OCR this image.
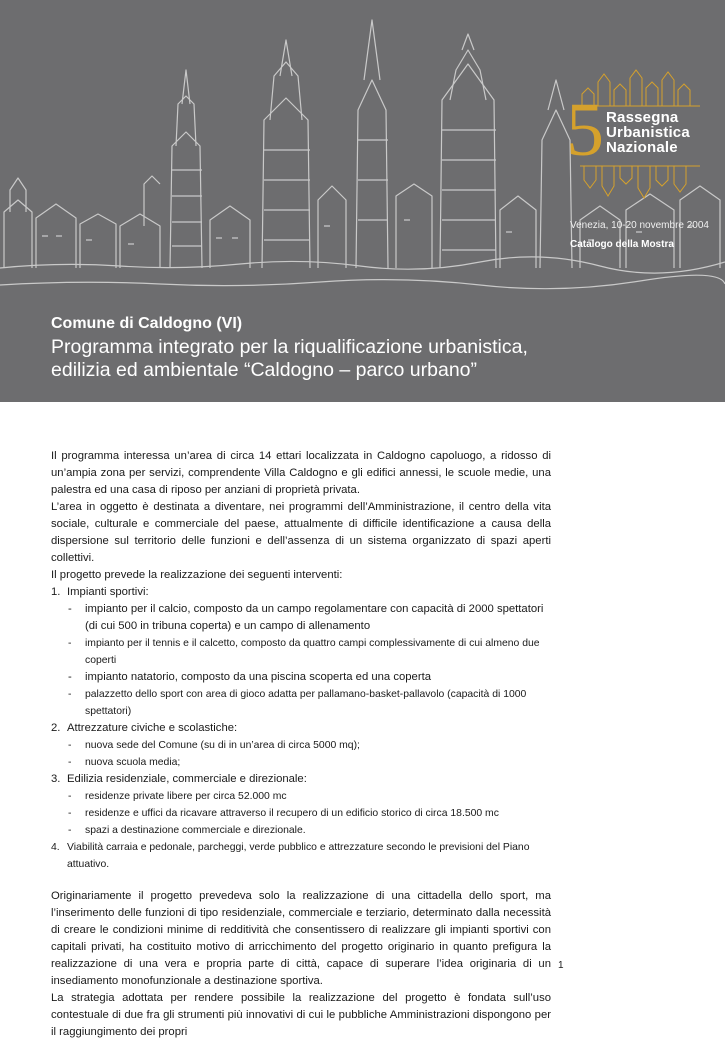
5 Rassegna
Urbanistica
Nazionale
Venezia, 10-20 novembre 2004
Catalogo della Mostra
Comune di Caldogno (VI)
Programma integrato per la riqualificazione urbanistica,
edilizia ed ambientale “Caldogno – parco urbano”

Il programma interessa un’area di circa 14 ettari localizzata in Caldogno capoluogo, a ridosso di un’ampia zona per servizi, comprendente Villa Caldogno e gli edifici annessi, le scuole medie, una palestra ed una casa di riposo per anziani di proprietà privata.

L’area in oggetto è destinata a diventare, nei programmi dell’Amministrazione, il centro della vita sociale, culturale e commerciale del paese, attualmente di difficile identificazione a causa della dispersione sul territorio delle funzioni e dell’assenza di un sistema organizzato di spazi aperti collettivi.

Il progetto prevede la realizzazione dei seguenti interventi:

1. Impianti sportivi:
-	impianto per il calcio, composto da un campo regolamentare con capacità di 2000 spettatori (di cui 500 in tribuna coperta) e un campo di allenamento
-	impianto per il tennis e il calcetto, composto da quattro campi complessivamente di cui almeno due coperti
-	impianto natatorio, composto da una piscina scoperta ed una coperta
-	palazzetto dello sport con area di gioco adatta per pallamano-basket-pallavolo (capacità di 1000 spettatori)
2. Attrezzature civiche e scolastiche:
-	nuova sede del Comune (su di in un’area di circa 5000 mq);
-	nuova scuola media;
3. Edilizia residenziale, commerciale e direzionale:
-	residenze private libere per circa 52.000 mc
-	residenze e uffici da ricavare attraverso il recupero di un edificio storico di circa 18.500 mc
-	spazi a destinazione commerciale e direzionale.
4. Viabilità carraia e pedonale, parcheggi, verde pubblico e attrezzature secondo le previsioni del Piano attuativo.

Originariamente il progetto prevedeva solo la realizzazione di una cittadella dello sport, ma l’inserimento delle funzioni di tipo residenziale, commerciale e terziario, determinato dalla necessità di creare le condizioni minime di redditività che consentissero di realizzare gli impianti sportivi con capitali privati, ha costituito motivo di arricchimento del progetto originario in quanto prefigura la realizzazione di una vera e propria parte di città, capace di superare l’idea originaria di un insediamento monofunzionale a destinazione sportiva.

La strategia adottata per rendere possibile la realizzazione del progetto è fondata sull’uso contestuale di due fra gli strumenti più innovativi di cui le pubbliche Amministrazioni dispongono per il raggiungimento dei propri

1
